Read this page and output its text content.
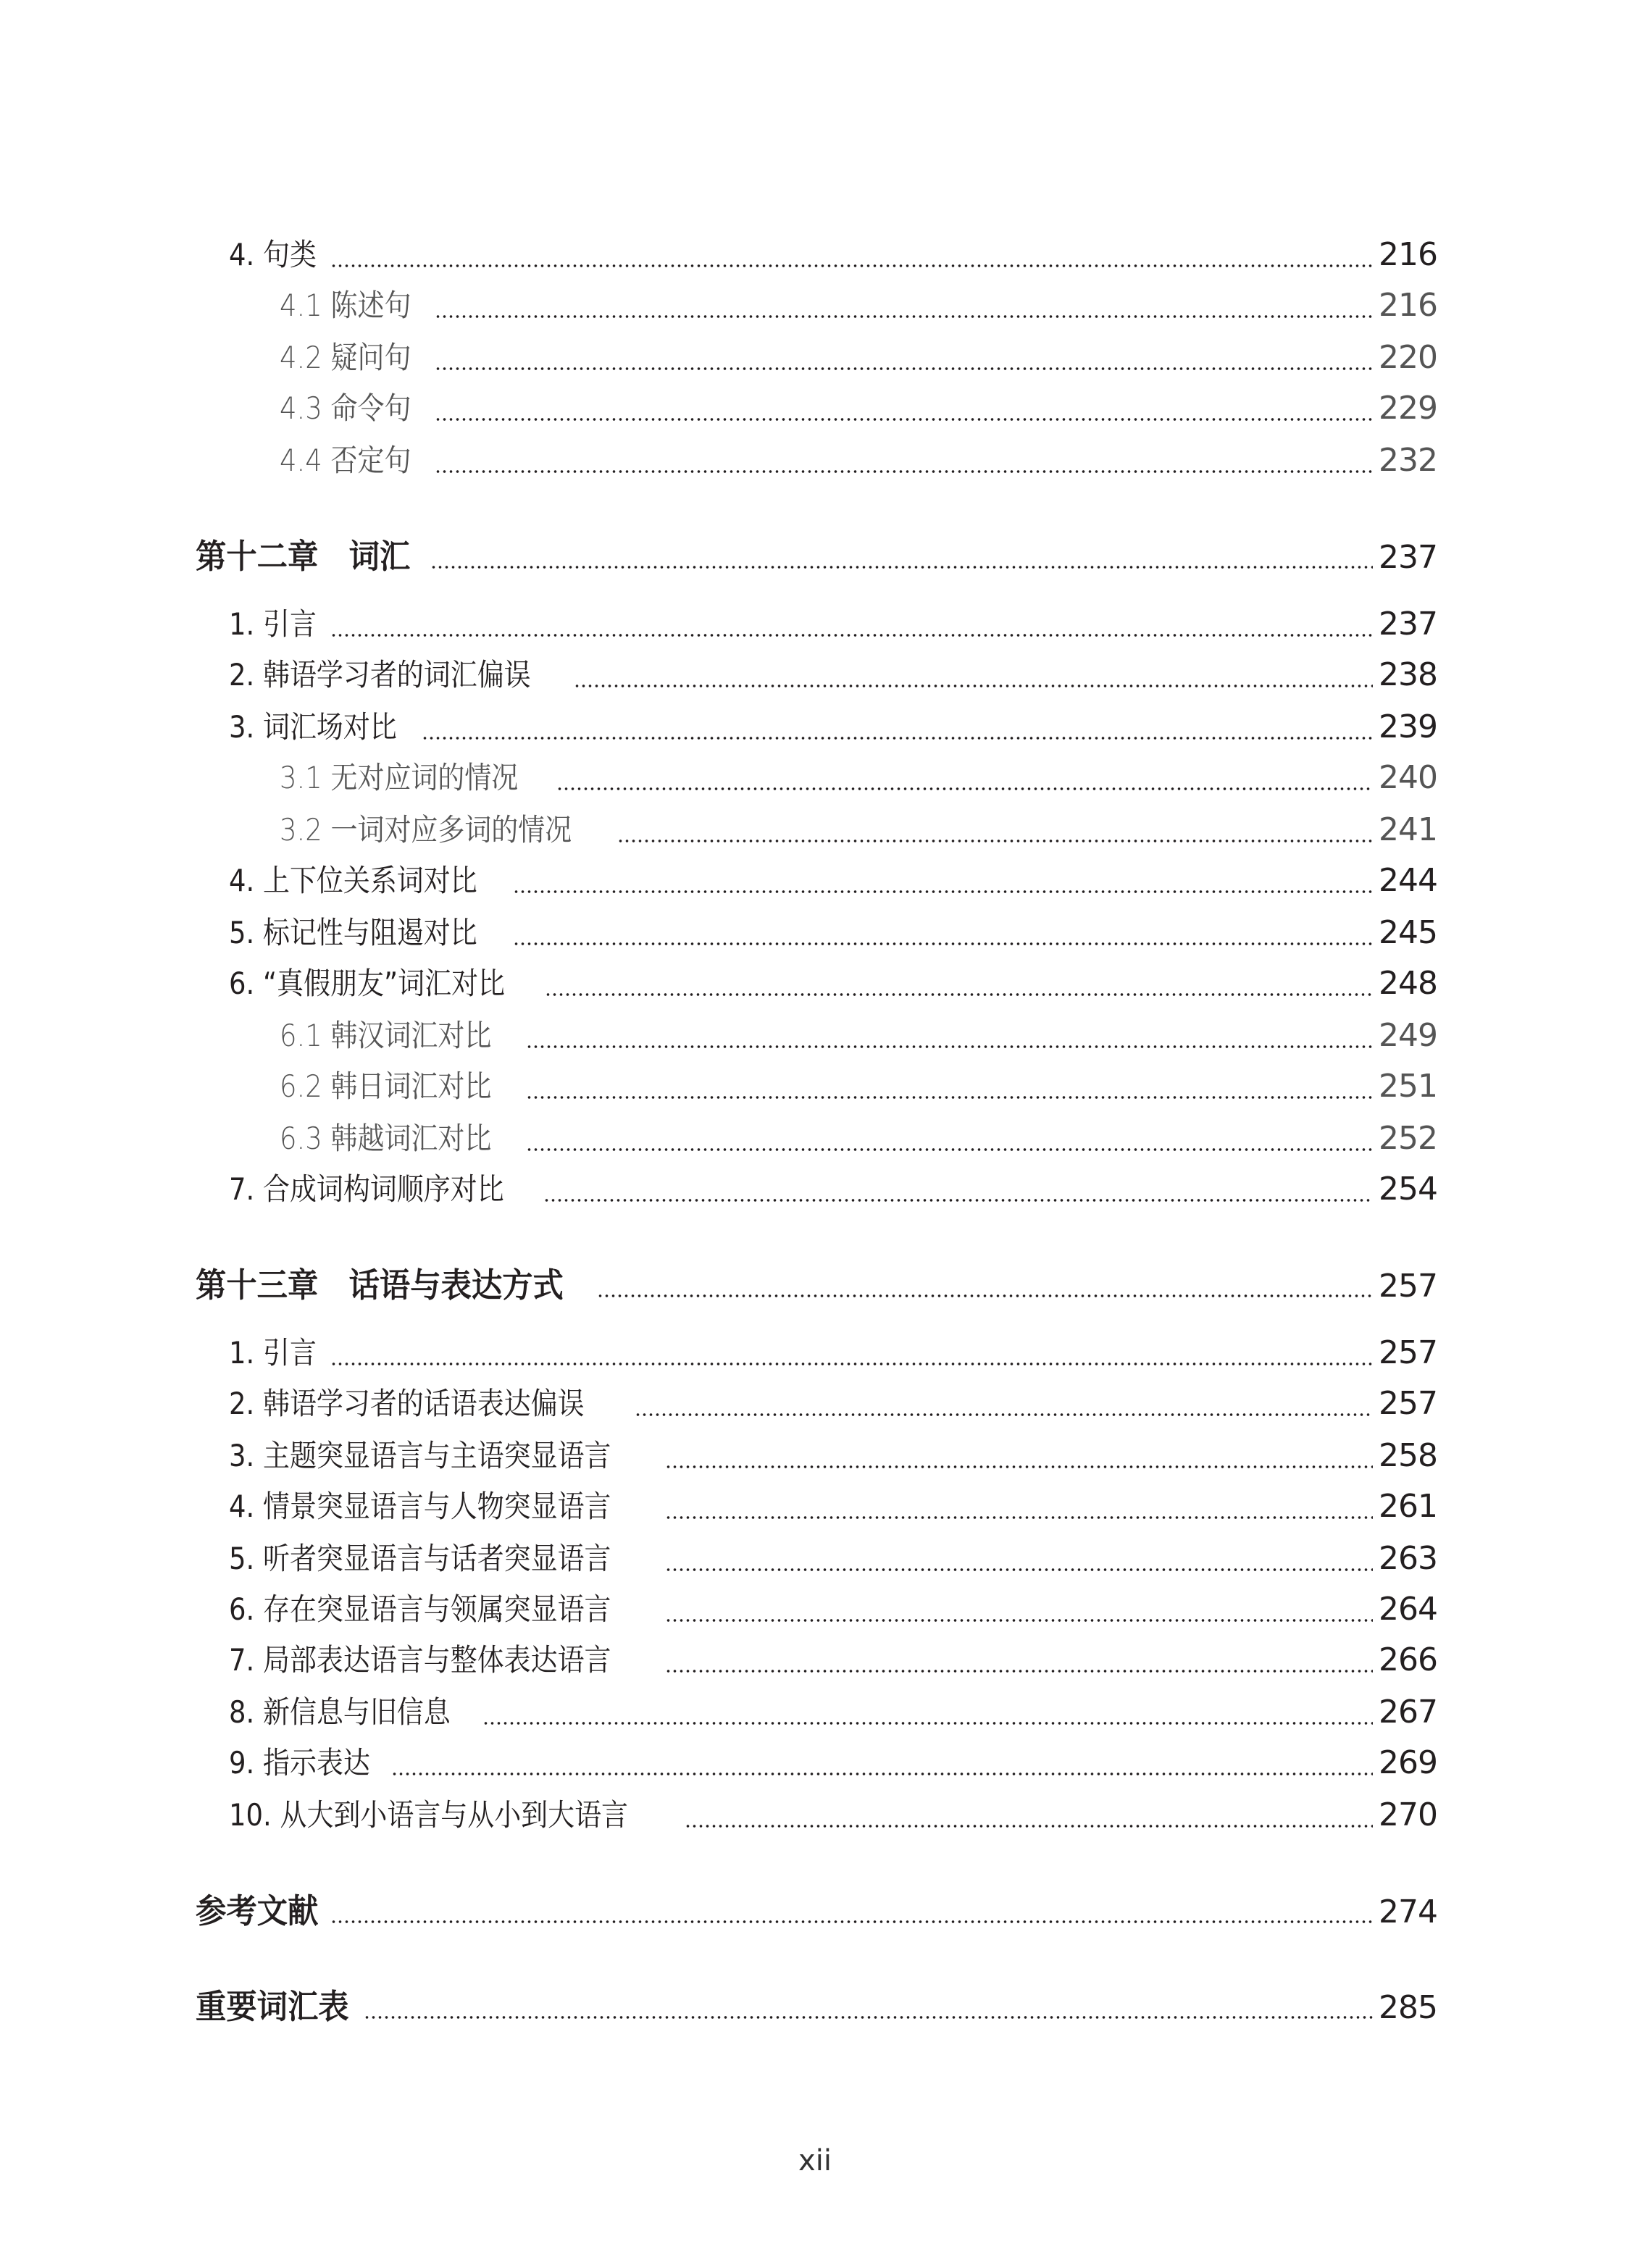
4. 句类	216
4.1 陈述句	216
4.2 疑问句	220
4.3 命令句	229
4.4 否定句	232
第十二章　词汇	237
1. 引言	237
2. 韩语学习者的词汇偏误	238
3. 词汇场对比	239
3.1 无对应词的情况	240
3.2 一词对应多词的情况	241
4. 上下位关系词对比	244
5. 标记性与阻遏对比	245
6. “真假朋友”词汇对比	248
6.1 韩汉词汇对比	249
6.2 韩日词汇对比	251
6.3 韩越词汇对比	252
7. 合成词构词顺序对比	254
第十三章　话语与表达方式	257
1. 引言	257
2. 韩语学习者的话语表达偏误	257
3. 主题突显语言与主语突显语言	258
4. 情景突显语言与人物突显语言	261
5. 听者突显语言与话者突显语言	263
6. 存在突显语言与领属突显语言	264
7. 局部表达语言与整体表达语言	266
8. 新信息与旧信息	267
9. 指示表达	269
10. 从大到小语言与从小到大语言	270
参考文献	274
重要词汇表	285
xii
